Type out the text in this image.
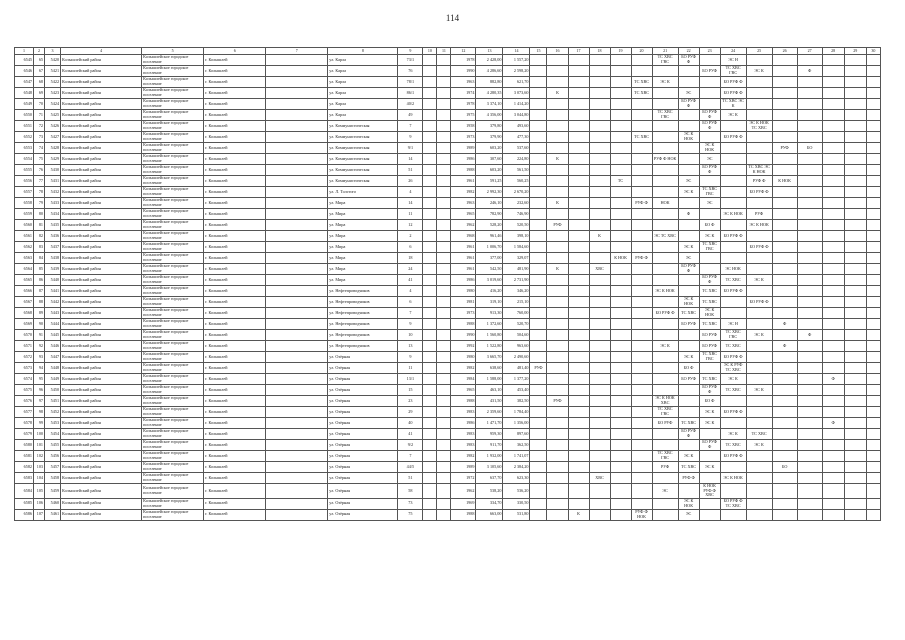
114
1	2	3	4	5	6	7	8	9	10	11	12	13	14	15	16	17	18	19	20	21	22	23	24	25	26	27	28	29	30
6545	65	5420	Колышлейский район	Колышлейское городское поселение	г. Колышлей		ул. Карла	73/1			1978	2 428,00	1 557,20							ТС ХВС ГВС	БО РУФ Ф		ЭС Н						
6546	67	5421	Колышлейский район	Колышлейское городское поселение	г. Колышлей		ул. Карла	76			1990	4 286,60	2 598,20									БО РУФ	ТС ХВС ГВС	ЭС К		Ф			
6547	68	5422	Колышлейский район	Колышлейское городское поселение	г. Колышлей		ул. Карла	78/1			1963	882,80	621,70						ТС ХВС	ЭС К			БО РУФ Ф						
6548	69	5423	Колышлейский район	Колышлейское городское поселение	г. Колышлей		ул. Карла	86/1			1974	4 280,35	3 073,60		К				ТС ХВС		ЭС		БО РУФ Ф						
6549	70	5424	Колышлейский район	Колышлейское городское поселение	г. Колышлей		ул. Карла	40/2			1978	3 374,10	1 414,20								БО РУФ Ф		ТС ХВС ЭС К						
6550	71	5425	Колышлейский район	Колышлейское городское поселение	г. Колышлей		ул. Карла	49			1975	4 356,00	3 044,80							ТС ХВС ГВС		БО РУФ Ф	ЭС К						
6551	72	5426	Колышлейский район	Колышлейское городское поселение	г. Колышлей		ул. Коммунистическая	7			1958	379,80	493,60									БО РУФ Ф		ЭС К НОК ТС ХВС					
6552	73	5427	Колышлейский район	Колышлейское городское поселение	г. Колышлей		ул. Коммунистическая	9			1973	379,90	477,30						ТС ХВС		ЭС К НОК		БО РУФ Ф						
6553	74	5428	Колышлейский район	Колышлейское городское поселение	г. Колышлей		ул. Коммунистическая	9/1			1989	603,20	537,60									ЭС К НОК			РУФ	БО			
6554	75	5429	Колышлейский район	Колышлейское городское поселение	г. Колышлей		ул. Коммунистическая	14			1986	307,60	224,80		К					РУФ Ф НОК		ЭС							
6555	76	5430	Колышлейский район	Колышлейское городское поселение	г. Колышлей		ул. Коммунистическая	51			1988	603,20	561,50									БО РУФ Ф		ТС ХВС ЭС К НОК					
6556	77	5431	Колышлейский район	Колышлейское городское поселение	г. Колышлей		ул. Коммунистическая	26			1961	591,25	560,25					ТС			ЭС			РУФ Ф	К НОК				
6557	78	5432	Колышлейский район	Колышлейское городское поселение	г. Колышлей		ул. Л. Толстого	4			1982	2 992,30	2 670,20								ЭС К	ТС ХВС ГВС		БО РУФ Ф					
6558	79	5433	Колышлейский район	Колышлейское городское поселение	г. Колышлей		ул. Мира	14			1963	246,10	232,60		К				РУФ Ф	НОК		ЭС							
6559	80	5434	Колышлейский район	Колышлейское городское поселение	г. Колышлей		ул. Мира	11			1965	782,90	746,90								Ф		ЭС К НОК	РУФ					
6560	81	5435	Колышлейский район	Колышлейское городское поселение	г. Колышлей		ул. Мира	12			1962	528,20	520,50		РУФ							БО Ф		ЭС К НОК					
6561	82	5436	Колышлейский район	Колышлейское городское поселение	г. Колышлей		ул. Мира	2			1968	961,46	398,10				К			ЭС ТС ХВС		ЭС К	БО РУФ Ф						
6562	83	5437	Колышлейский район	Колышлейское городское поселение	г. Колышлей		ул. Мира	6			1961	1 006,70	1 584,60								ЭС К	ТС ХВС ГВС		БО РУФ Ф					
6563	84	5438	Колышлейский район	Колышлейское городское поселение	г. Колышлей		ул. Мира	18			1961	377,00	329,07					К НОК	РУФ Ф		ЭС								
6564	85	5439	Колышлейский район	Колышлейское городское поселение	г. Колышлей		ул. Мира	24			1961	542,50	481,90		К		ХВС				БО РУФ Ф		ЭС НОК						
6565	86	5440	Колышлейский район	Колышлейское городское поселение	г. Колышлей		ул. Мира	41			1986	3 019,60	2 731,90									БО РУФ Ф	ТС ХВС	ЭС К					
6566	87	5441	Колышлейский район	Колышлейское городское поселение	г. Колышлей		ул. Нефтепроводчиков	4			1980	416,20	346,20							ЭС К НОК		ТС ХВС	БО РУФ Ф						
6567	88	5442	Колышлейский район	Колышлейское городское поселение	г. Колышлей		ул. Нефтепроводчиков	6			1981	319,10	215,10								ЭС К НОК	ТС ХВС		БО РУФ Ф					
6568	89	5443	Колышлейский район	Колышлейское городское поселение	г. Колышлей		ул. Нефтепроводчиков	7			1973	913,30	760,00							БО РУФ Ф	ТС ХВС	ЭС К НОК							
6569	90	5444	Колышлейский район	Колышлейское городское поселение	г. Колышлей		ул. Нефтепроводчиков	9			1988	1 372,60	520,70								БО РУФ	ТС ХВС	ЭС Н		Ф				
6570	91	5445	Колышлейский район	Колышлейское городское поселение	г. Колышлей		ул. Нефтепроводчиков	10			1990	1 560,80	504,60									БО РУФ	ТС ХВС ГВС	ЭС К		Ф			
6571	92	5446	Колышлейский район	Колышлейское городское поселение	г. Колышлей		ул. Нефтепроводчиков	13			1992	1 522,80	963,60							ЭС К		БО РУФ	ТС ХВС		Ф				
6572	93	5447	Колышлейский район	Колышлейское городское поселение	г. Колышлей		ул. Озёрная	9			1980	3 665,70	2 490,60								ЭС К	ТС ХВС ГВС	БО РУФ Ф						
6573	94	5448	Колышлейский район	Колышлейское городское поселение	г. Колышлей		ул. Озёрная	11			1982	638,60	481,40	РУФ							БО Ф		ЭС К РУФ ТС ХВС						
6574	95	5449	Колышлейский район	Колышлейское городское поселение	г. Колышлей		ул. Озёрная	13/1			1984	1 588,00	1 377,20								БО РУФ	ТС ХВС	ЭС К				Ф		
6575	96	5450	Колышлейский район	Колышлейское городское поселение	г. Колышлей		ул. Озёрная	15			1965	463,10	453,40									БО РУФ Ф	ТС ХВС	ЭС К					
6576	97	5451	Колышлейский район	Колышлейское городское поселение	г. Колышлей		ул. Озёрная	23			1988	431,50	382,50		РУФ					ЭС К НОК ХВС		БО Ф							
6577	98	5452	Колышлейский район	Колышлейское городское поселение	г. Колышлей		ул. Озёрная	29			1983	2 359,60	1 784,40							ТС ХВС ГВС		ЭС К	БО РУФ Ф						
6578	99	5453	Колышлейский район	Колышлейское городское поселение	г. Колышлей		ул. Озёрная	40			1986	1 471,70	1 356,00							БО РУФ	ТС ХВС	ЭС К					Ф		
6579	100	5454	Колышлейский район	Колышлейское городское поселение	г. Колышлей		ул. Озёрная	41			1983	959,30	897,60								БО РУФ Ф		ЭС К	ТС ХВС					
6580	101	5455	Колышлейский район	Колышлейское городское поселение	г. Колышлей		ул. Озёрная	9/2			1983	911,70	362,50									БО РУФ Ф	ТС ХВС	ЭС К					
6581	102	5456	Колышлейский район	Колышлейское городское поселение	г. Колышлей		ул. Озёрная	7			1982	1 932,00	1 741,07							ТС ХВС ГВС	ЭС К		БО РУФ Ф						
6582	103	5457	Колышлейский район	Колышлейское городское поселение	г. Колышлей		ул. Озёрная	44/5			1989	3 105,60	2 384,20							РУФ	ТС ХВС	ЭС К			БО				
6583	104	5458	Колышлейский район	Колышлейское городское поселение	г. Колышлей		ул. Озёрная	51			1972	637,70	623,30				ХВС				РУФ Ф		ЭС К НОК						
6584	105	5459	Колышлейский район	Колышлейское городское поселение	г. Колышлей		ул. Озёрная	58			1962	538,20	536,20							ЭС		К НОК РУФ Ф ХВС							
6585	106	5460	Колышлейский район	Колышлейское городское поселение	г. Колышлей		ул. Озёрная	73			1969	334,70	330,50								ЭС К НОК		БО РУФ Ф ТС ХВС						
6586	107	5461	Колышлейский район	Колышлейское городское поселение	г. Колышлей		ул. Озёрная	75			1988	663,00	531,80			К			РУФ Ф НОК		ЭС								
